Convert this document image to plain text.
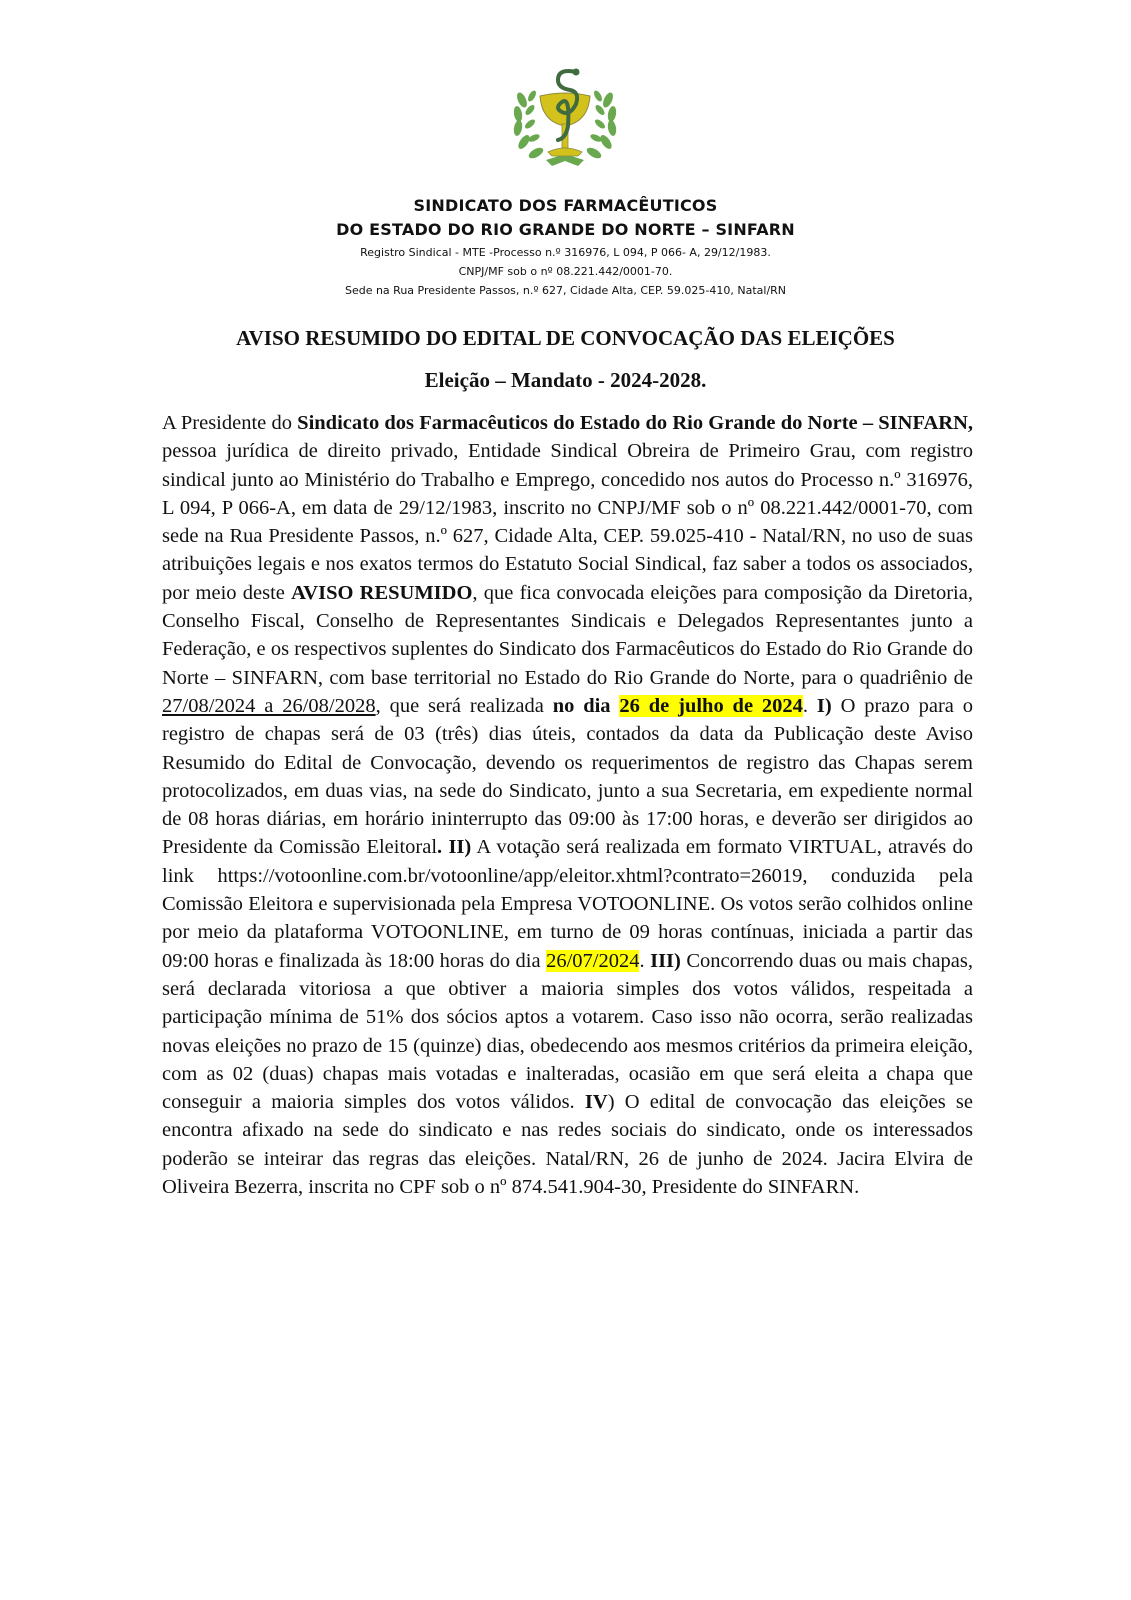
SINDICATO DOS FARMACÊUTICOS
DO ESTADO DO RIO GRANDE DO NORTE – SINFARN
Registro Sindical - MTE -Processo n.º 316976, L 094, P 066- A, 29/12/1983.
CNPJ/MF sob o nº 08.221.442/0001-70.
Sede na Rua Presidente Passos, n.º 627, Cidade Alta, CEP. 59.025-410, Natal/RN
AVISO RESUMIDO DO EDITAL DE CONVOCAÇÃO DAS ELEIÇÕES
Eleição – Mandato - 2024-2028.
A Presidente do Sindicato dos Farmacêuticos do Estado do Rio Grande do Norte – SINFARN, pessoa jurídica de direito privado, Entidade Sindical Obreira de Primeiro Grau, com registro sindical junto ao Ministério do Trabalho e Emprego, concedido nos autos do Processo n.º 316976, L 094, P 066-A, em data de 29/12/1983, inscrito no CNPJ/MF sob o nº 08.221.442/0001-70, com sede na Rua Presidente Passos, n.º 627, Cidade Alta, CEP. 59.025-410 - Natal/RN, no uso de suas atribuições legais e nos exatos termos do Estatuto Social Sindical, faz saber a todos os associados, por meio deste AVISO RESUMIDO, que fica convocada eleições para composição da Diretoria, Conselho Fiscal, Conselho de Representantes Sindicais e Delegados Representantes junto a Federação, e os respectivos suplentes do Sindicato dos Farmacêuticos do Estado do Rio Grande do Norte – SINFARN, com base territorial no Estado do Rio Grande do Norte, para o quadriênio de 27/08/2024 a 26/08/2028, que será realizada no dia 26 de julho de 2024. I) O prazo para o registro de chapas será de 03 (três) dias úteis, contados da data da Publicação deste Aviso Resumido do Edital de Convocação, devendo os requerimentos de registro das Chapas serem protocolizados, em duas vias, na sede do Sindicato, junto a sua Secretaria, em expediente normal de 08 horas diárias, em horário ininterrupto das 09:00 às 17:00 horas, e deverão ser dirigidos ao Presidente da Comissão Eleitoral. II) A votação será realizada em formato VIRTUAL, através do link https://votoonline.com.br/votoonline/app/eleitor.xhtml?contrato=26019, conduzida pela Comissão Eleitora e supervisionada pela Empresa VOTOONLINE. Os votos serão colhidos online por meio da plataforma VOTOONLINE, em turno de 09 horas contínuas, iniciada a partir das 09:00 horas e finalizada às 18:00 horas do dia 26/07/2024. III) Concorrendo duas ou mais chapas, será declarada vitoriosa a que obtiver a maioria simples dos votos válidos, respeitada a participação mínima de 51% dos sócios aptos a votarem. Caso isso não ocorra, serão realizadas novas eleições no prazo de 15 (quinze) dias, obedecendo aos mesmos critérios da primeira eleição, com as 02 (duas) chapas mais votadas e inalteradas, ocasião em que será eleita a chapa que conseguir a maioria simples dos votos válidos. IV) O edital de convocação das eleições se encontra afixado na sede do sindicato e nas redes sociais do sindicato, onde os interessados poderão se inteirar das regras das eleições. Natal/RN, 26 de junho de 2024. Jacira Elvira de Oliveira Bezerra, inscrita no CPF sob o nº 874.541.904-30, Presidente do SINFARN.
